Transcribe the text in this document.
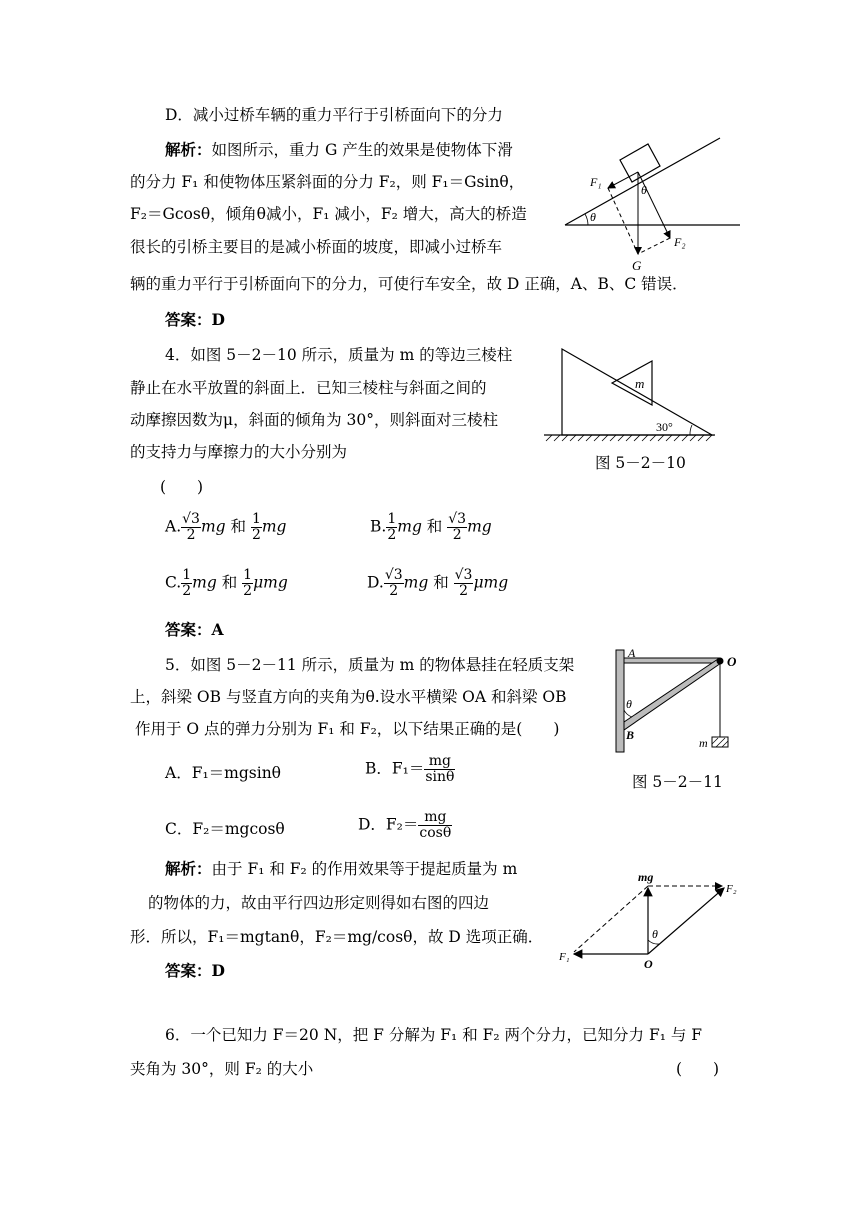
D．减小过桥车辆的重力平行于引桥面向下的分力
解析：如图所示，重力 G 产生的效果是使物体下滑
的分力 F₁ 和使物体压紧斜面的分力 F₂，则 F₁＝Gsinθ，
F₂＝Gcosθ，倾角θ减小，F₁ 减小，F₂ 增大，高大的桥造
很长的引桥主要目的是减小桥面的坡度，即减小过桥车
辆的重力平行于引桥面向下的分力，可使行车安全，故 D 正确，A、B、C 错误．
答案：D
F₁
F₂
G
θ
θ
4．如图 5－2－10 所示，质量为 m 的等边三棱柱
静止在水平放置的斜面上．已知三棱柱与斜面之间的
动摩擦因数为μ，斜面的倾角为 30°，则斜面对三棱柱
的支持力与摩擦力的大小分别为
(　　)
A. $\frac{√3}{2}$ mg 和 $\frac{1}{2}$ mg	B. $\frac{1}{2}$ mg 和 $\frac{√3}{2}$ mg
C. $\frac{1}{2}$ mg 和 $\frac{1}{2}$ μmg	D. $\frac{√3}{2}$ mg 和 $\frac{√3}{2}$ μmg
答案：A
m
30°
图 5－2－10
5．如图 5－2－11 所示，质量为 m 的物体悬挂在轻质支架
上，斜梁 OB 与竖直方向的夹角为θ.设水平横梁 OA 和斜梁 OB
作用于 O 点的弹力分别为 F₁ 和 F₂，以下结果正确的是(　　)
A．F₁＝mgsinθ	B．$F_1= \frac{mg}{\sin\theta}$
C．F₂＝mgcosθ	D．$F_2= \frac{mg}{\cos\theta}$
解析：由于 F₁ 和 F₂ 的作用效果等于提起质量为 m
的物体的力，故由平行四边形定则得如右图的四边
形．所以，F₁＝mgtanθ，F₂＝mg/cosθ，故 D 选项正确．
答案：D
A
O
θ
B
m
图 5－2－11
mg
F₂
F₁	O
θ
6．一个已知力 F＝20 N，把 F 分解为 F₁ 和 F₂ 两个分力，已知分力 F₁ 与 F
夹角为 30°，则 F₂ 的大小	(　　)
